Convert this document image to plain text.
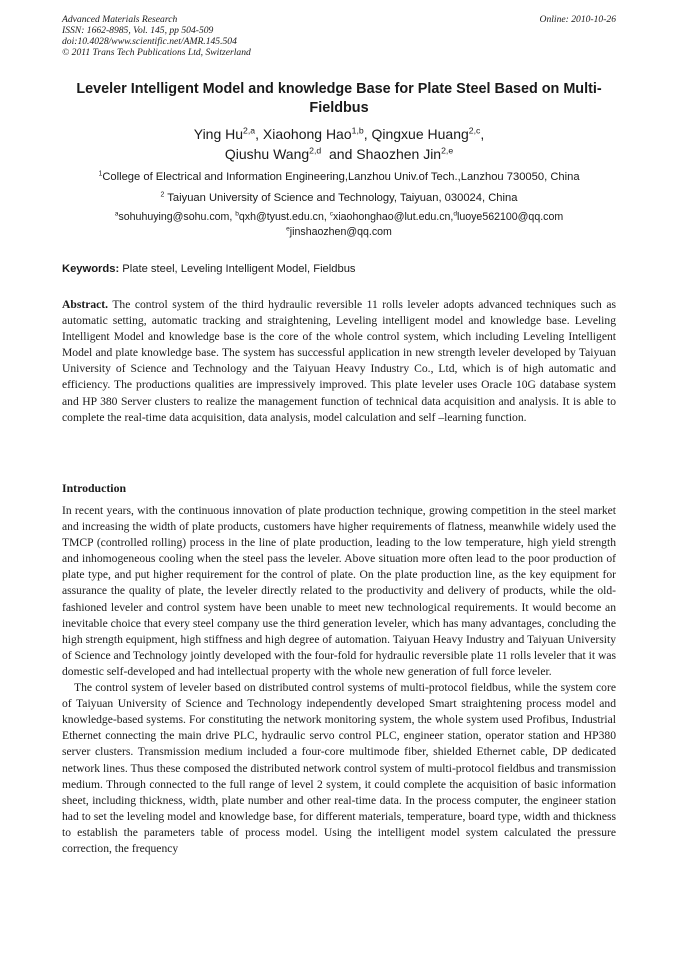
Advanced Materials Research
ISSN: 1662-8985, Vol. 145, pp 504-509
doi:10.4028/www.scientific.net/AMR.145.504
© 2011 Trans Tech Publications Ltd, Switzerland
Online: 2010-10-26
Leveler Intelligent Model and knowledge Base for Plate Steel Based on Multi-Fieldbus
Ying Hu$^{2,a}$, Xiaohong Hao$^{1,b}$, Qingxue Huang$^{2,c}$,
Qiushu Wang$^{2,d}$  and Shaozhen Jin$^{2,e}$
$^1$College of Electrical and Information Engineering,Lanzhou Univ.of Tech.,Lanzhou 730050, China
$^2$ Taiyuan University of Science and Technology, Taiyuan, 030024, China
$^a$sohuhuying@sohu.com, $^b$qxh@tyust.edu.cn, $^c$xiaohonghao@lut.edu.cn,$^d$luoye562100@qq.com
$^e$jinshaozhen@qq.com
Keywords: Plate steel, Leveling Intelligent Model, Fieldbus
Abstract. The control system of the third hydraulic reversible 11 rolls leveler adopts advanced techniques such as automatic setting, automatic tracking and straightening, Leveling intelligent model and knowledge base. Leveling Intelligent Model and knowledge base is the core of the whole control system, which including Leveling Intelligent Model and plate knowledge base. The system has successful application in new strength leveler developed by Taiyuan University of Science and Technology and the Taiyuan Heavy Industry Co., Ltd, which is of high automatic and efficiency. The productions qualities are impressively improved. This plate leveler uses Oracle 10G database system and HP 380 Server clusters to realize the management function of technical data acquisition and analysis. It is able to complete the real-time data acquisition, data analysis, model calculation and self –learning function.
Introduction

In recent years, with the continuous innovation of plate production technique, growing competition in the steel market and increasing the width of plate products, customers have higher requirements of flatness, meanwhile widely used the TMCP (controlled rolling) process in the line of plate production, leading to the low temperature, high yield strength and inhomogeneous cooling when the steel pass the leveler. Above situation more often lead to the poor production of plate type, and put higher requirement for the control of plate. On the plate production line, as the key equipment for assurance the quality of plate, the leveler directly related to the productivity and delivery of products, while the old-fashioned leveler and control system have been unable to meet new technological requirements. It would become an inevitable choice that every steel company use the third generation leveler, which has many advantages, concluding the high strength equipment, high stiffness and high degree of automation. Taiyuan Heavy Industry and Taiyuan University of Science and Technology jointly developed with the four-fold for hydraulic reversible plate 11 rolls leveler that it was domestic self-developed and had intellectual property with the whole new generation of full force leveler.

The control system of leveler based on distributed control systems of multi-protocol fieldbus, while the system core of Taiyuan University of Science and Technology independently developed Smart straightening process model and knowledge-based systems. For constituting the network monitoring system, the whole system used Profibus, Industrial Ethernet connecting the main drive PLC, hydraulic servo control PLC, engineer station, operator station and HP380 server clusters. Transmission medium included a four-core multimode fiber, shielded Ethernet cable, DP dedicated network lines. Thus these composed the distributed network control system of multi-protocol fieldbus and transmission medium. Through connected to the full range of level 2 system, it could complete the acquisition of basic information sheet, including thickness, width, plate number and other real-time data. In the process computer, the engineer station had to set the leveling model and knowledge base, for different materials, temperature, board type, width and thickness to establish the parameters table of process model. Using the intelligent model system calculated the pressure correction, the frequency
